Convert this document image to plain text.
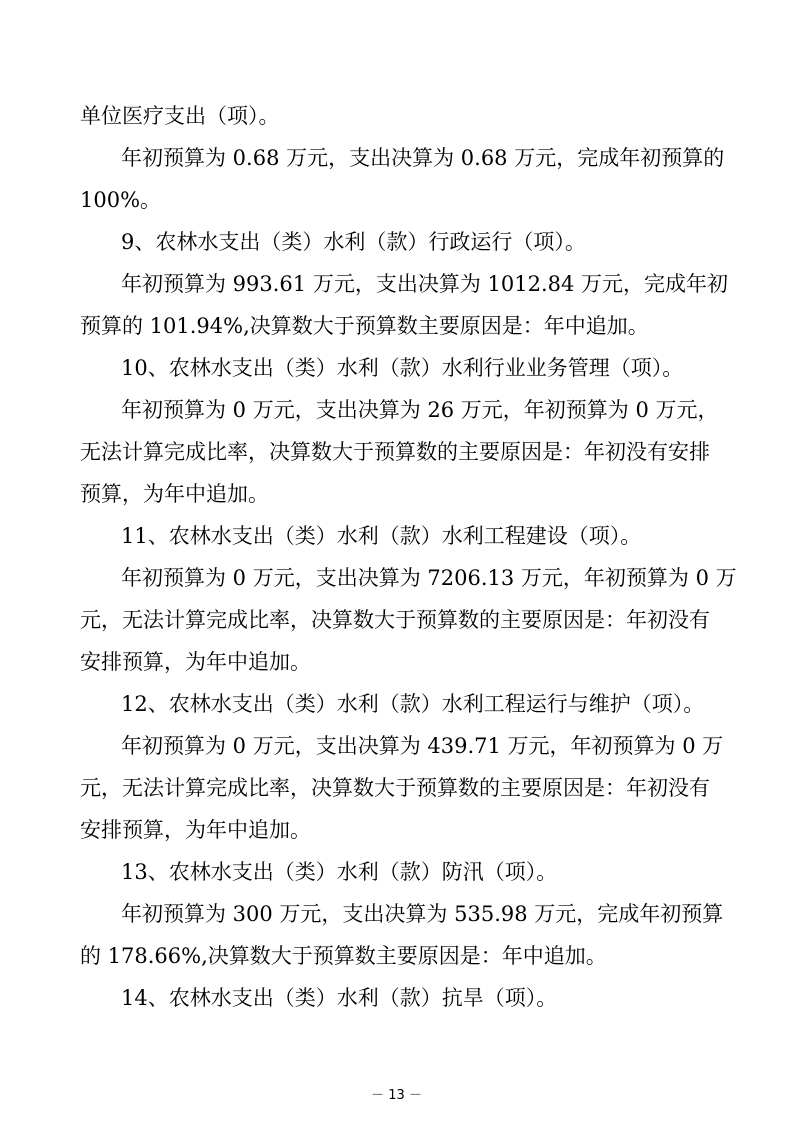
单位医疗支出（项）。
年初预算为 0.68 万元，支出决算为 0.68 万元，完成年初预算的
100%。
9、农林水支出（类）水利（款）行政运行（项）。
年初预算为 993.61 万元，支出决算为 1012.84 万元，完成年初
预算的 101.94%,决算数大于预算数主要原因是：年中追加。
10、农林水支出（类）水利（款）水利行业业务管理（项）。
年初预算为 0 万元，支出决算为 26 万元，年初预算为 0 万元，
无法计算完成比率，决算数大于预算数的主要原因是：年初没有安排
预算，为年中追加。
11、农林水支出（类）水利（款）水利工程建设（项）。
年初预算为 0 万元，支出决算为 7206.13 万元，年初预算为 0 万
元，无法计算完成比率，决算数大于预算数的主要原因是：年初没有
安排预算，为年中追加。
12、农林水支出（类）水利（款）水利工程运行与维护（项）。
年初预算为 0 万元，支出决算为 439.71 万元，年初预算为 0 万
元，无法计算完成比率，决算数大于预算数的主要原因是：年初没有
安排预算，为年中追加。
13、农林水支出（类）水利（款）防汛（项）。
年初预算为 300 万元，支出决算为 535.98 万元，完成年初预算
的 178.66%,决算数大于预算数主要原因是：年中追加。
14、农林水支出（类）水利（款）抗旱（项）。
－ 13 －
